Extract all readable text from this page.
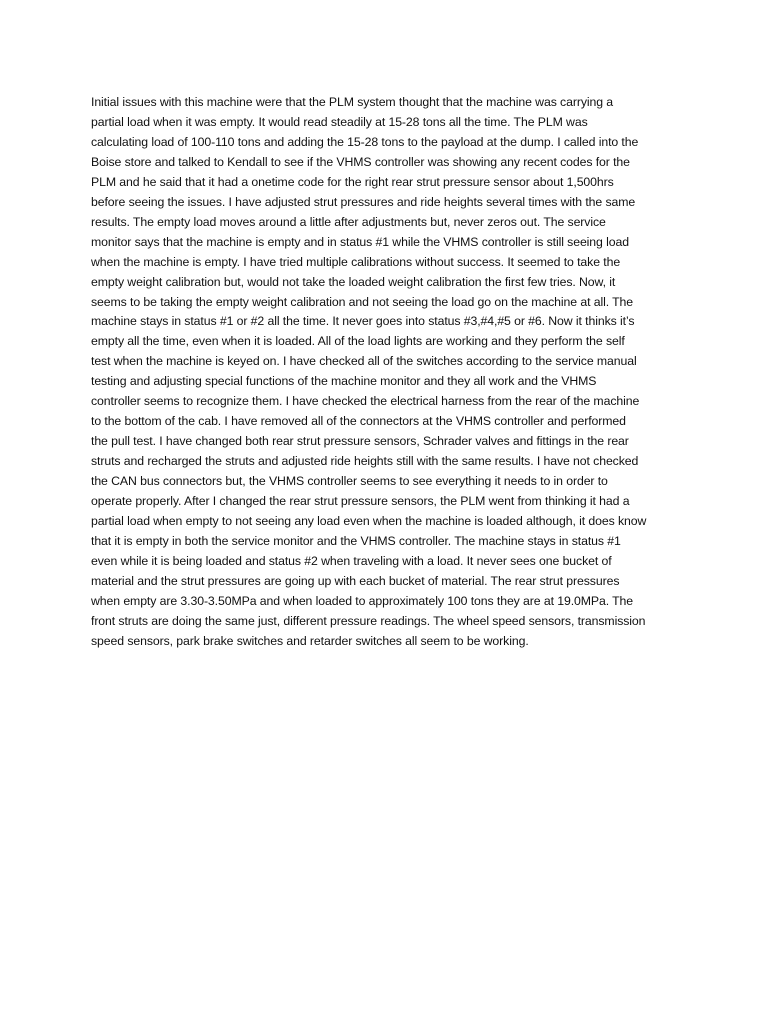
Initial issues with this machine were that the PLM system thought that the machine was carrying a
partial load when it was empty. It would read steadily at 15-28 tons all the time. The PLM was
calculating load of 100-110 tons and adding the 15-28 tons to the payload at the dump. I called into the
Boise store and talked to Kendall to see if the VHMS controller was showing any recent codes for the
PLM and he said that it had a onetime code for the right rear strut pressure sensor about 1,500hrs
before seeing the issues. I have adjusted strut pressures and ride heights several times with the same
results. The empty load moves around a little after adjustments but, never zeros out. The service
monitor says that the machine is empty and in status #1 while the VHMS controller is still seeing load
when the machine is empty. I have tried multiple calibrations without success. It seemed to take the
empty weight calibration but, would not take the loaded weight calibration the first few tries. Now, it
seems to be taking the empty weight calibration and not seeing the load go on the machine at all. The
machine stays in status #1 or #2 all the time. It never goes into status #3,#4,#5 or #6. Now it thinks it’s
empty all the time, even when it is loaded. All of the load lights are working and they perform the self
test when the machine is keyed on. I have checked all of the switches according to the service manual
testing and adjusting special functions of the machine monitor and they all work and the VHMS
controller seems to recognize them. I have checked the electrical harness from the rear of the machine
to the bottom of the cab. I have removed all of the connectors at the VHMS controller and performed
the pull test. I have changed both rear strut pressure sensors, Schrader valves and fittings in the rear
struts and recharged the struts and adjusted ride heights still with the same results. I have not checked
the CAN bus connectors but, the VHMS controller seems to see everything it needs to in order to
operate properly. After I changed the rear strut pressure sensors, the PLM went from thinking it had a
partial load when empty to not seeing any load even when the machine is loaded although, it does know
that it is empty in both the service monitor and the VHMS controller. The machine stays in status #1
even while it is being loaded and status #2 when traveling with a load. It never sees one bucket of
material and the strut pressures are going up with each bucket of material. The rear strut pressures
when empty are 3.30-3.50MPa and when loaded to approximately 100 tons they are at 19.0MPa. The
front struts are doing the same just, different pressure readings. The wheel speed sensors, transmission
speed sensors, park brake switches and retarder switches all seem to be working.
